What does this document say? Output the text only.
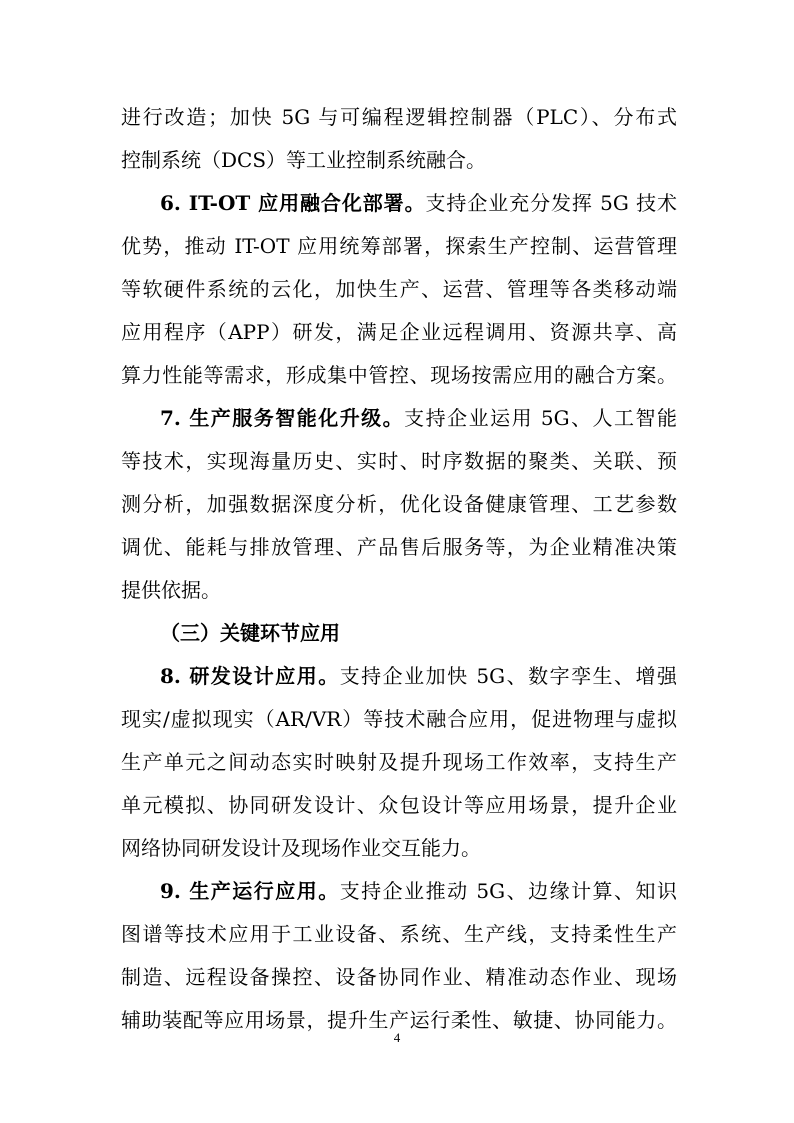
进行改造；加快 5G 与可编程逻辑控制器（PLC）、分布式
控制系统（DCS）等工业控制系统融合。
6. IT-OT 应用融合化部署。支持企业充分发挥 5G 技术
优势，推动 IT-OT 应用统筹部署，探索生产控制、运营管理
等软硬件系统的云化，加快生产、运营、管理等各类移动端
应用程序（APP）研发，满足企业远程调用、资源共享、高
算力性能等需求，形成集中管控、现场按需应用的融合方案。
7. 生产服务智能化升级。支持企业运用 5G、人工智能
等技术，实现海量历史、实时、时序数据的聚类、关联、预
测分析，加强数据深度分析，优化设备健康管理、工艺参数
调优、能耗与排放管理、产品售后服务等，为企业精准决策
提供依据。
（三）关键环节应用
8. 研发设计应用。支持企业加快 5G、数字孪生、增强
现实/虚拟现实（AR/VR）等技术融合应用，促进物理与虚拟
生产单元之间动态实时映射及提升现场工作效率，支持生产
单元模拟、协同研发设计、众包设计等应用场景，提升企业
网络协同研发设计及现场作业交互能力。
9. 生产运行应用。支持企业推动 5G、边缘计算、知识
图谱等技术应用于工业设备、系统、生产线，支持柔性生产
制造、远程设备操控、设备协同作业、精准动态作业、现场
辅助装配等应用场景，提升生产运行柔性、敏捷、协同能力。
4
